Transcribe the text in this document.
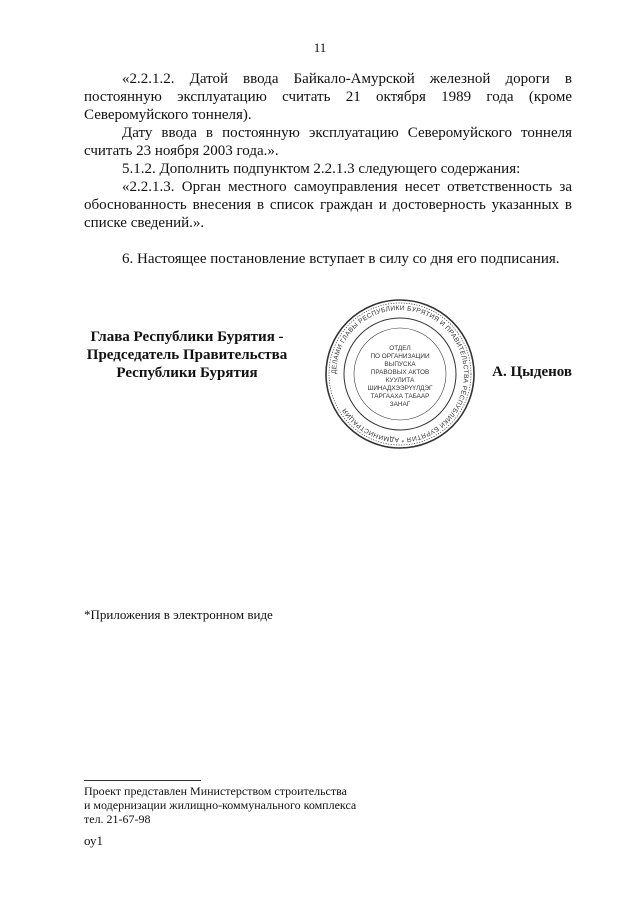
11

«2.2.1.2. Датой ввода Байкало-Амурской железной дороги в постоянную эксплуатацию считать 21 октября 1989 года (кроме Северомуйского тоннеля).

Дату ввода в постоянную эксплуатацию Северомуйского тоннеля считать 23 ноября 2003 года.».

5.1.2. Дополнить подпунктом 2.2.1.3 следующего содержания:

«2.2.1.3. Орган местного самоуправления несет ответственность за обоснованность внесения в список граждан и достоверность указанных в списке сведений.».

6. Настоящее постановление вступает в силу со дня его подписания.

Глава Республики Бурятия -
Председатель Правительства
Республики Бурятия	ДЕЛАМИ ГЛАВЫ РЕСПУБЛИКИ БУРЯТИЯ И ПРАВИТЕЛЬСТВА РЕСПУБЛИКИ БУРЯТИЯ * АДМИНИСТРАЦИЯ
ОТДЕЛ
ПО ОРГАНИЗАЦИИ
ВЫПУСКА
ПРАВОВЫХ АКТОВ
КУУЛИТА
ШИНАДХЭЭРҮҮЛДЭГ
ТАРГААХА ТАБААР
ЗАНАГ
А. Цыденов
*Приложения в электронном виде
Проект представлен Министерством строительства
и модернизации жилищно-коммунального комплекса
тел. 21-67-98
оу1
